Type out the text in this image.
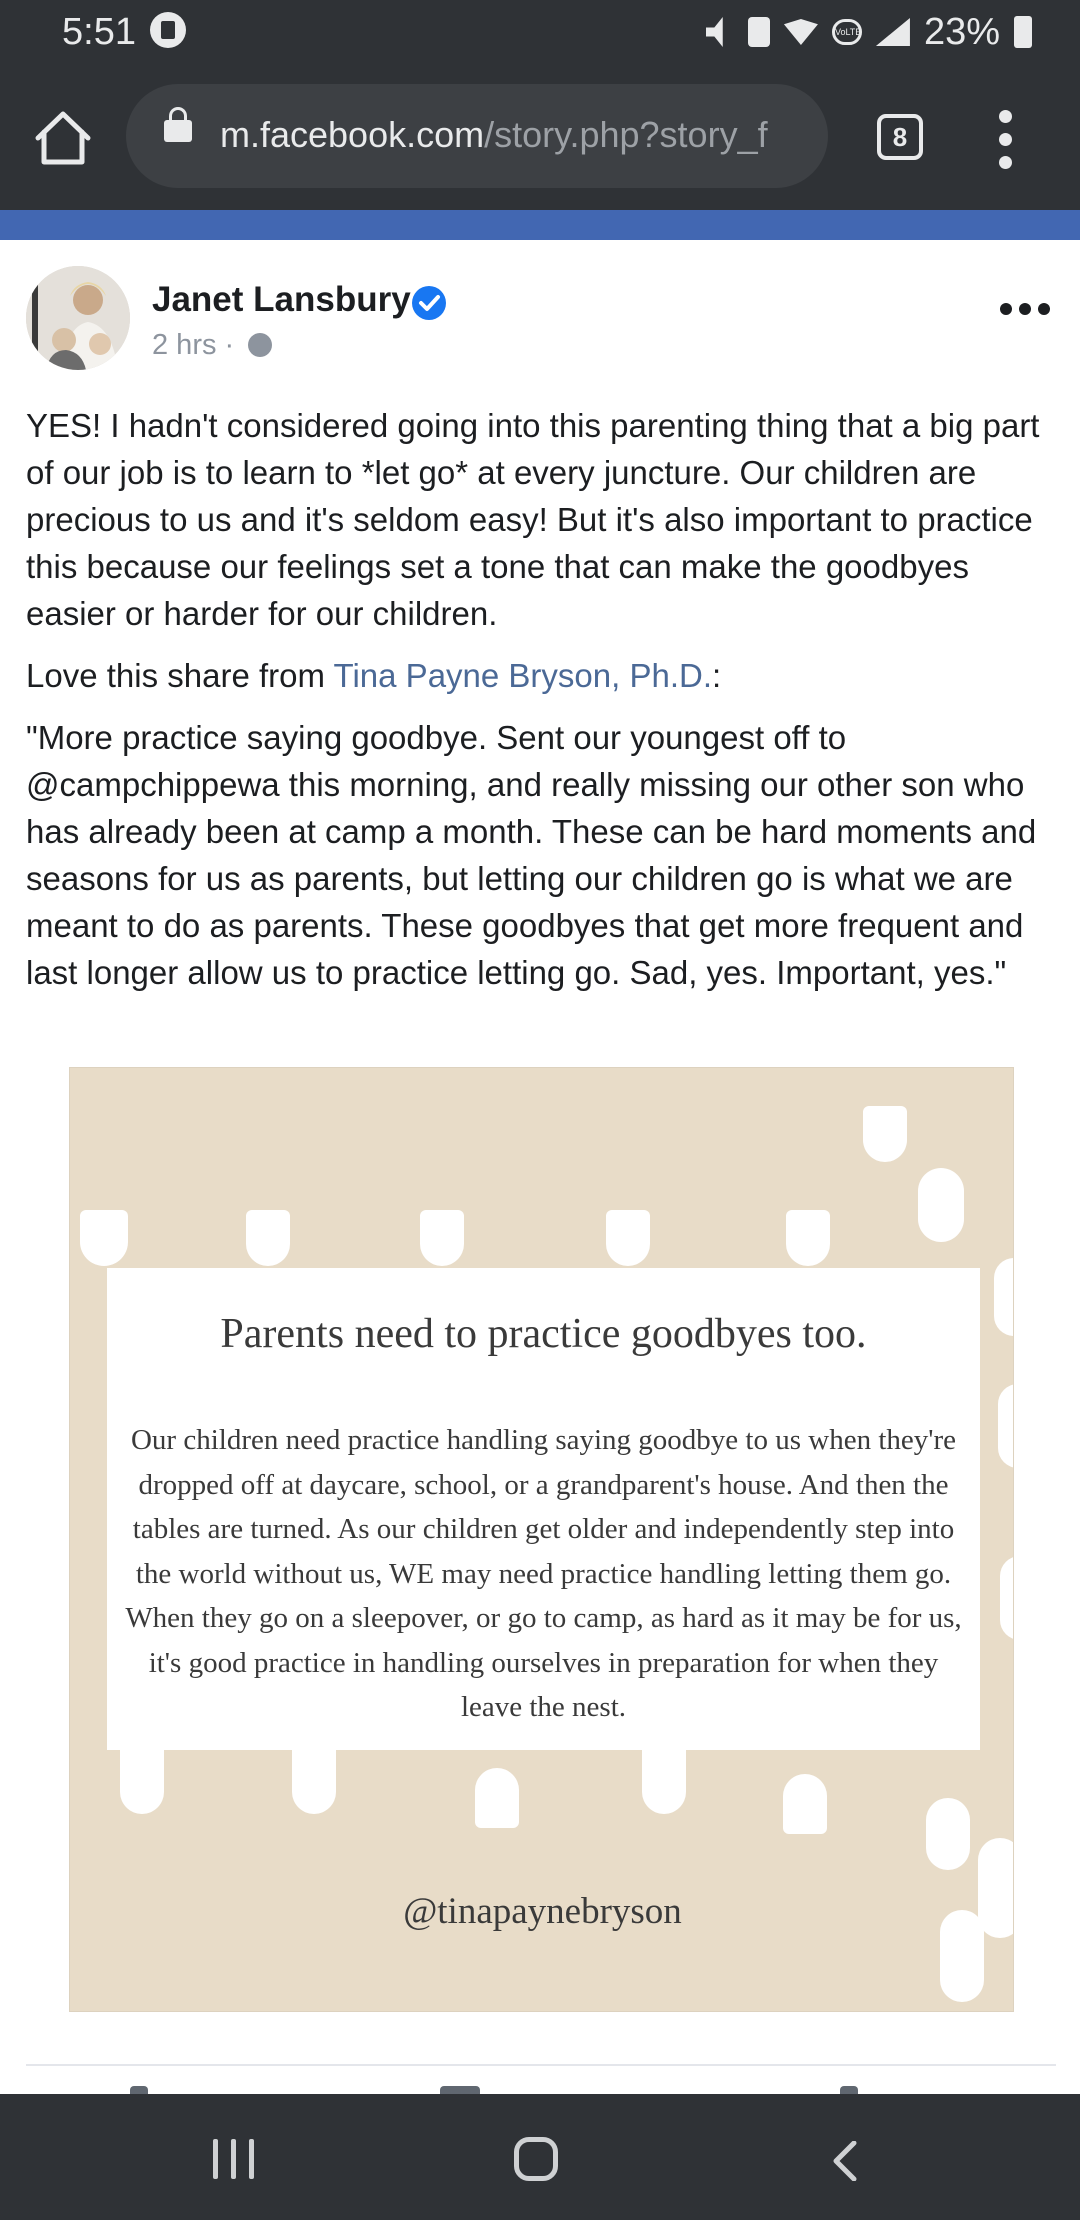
5:51	VoLTE 23%
m.facebook.com/story.php?story_f	8
Janet Lansbury
2 hrs ·

YES! I hadn't considered going into this parenting thing that a big part of our job is to learn to *let go* at every juncture. Our children are precious to us and it's seldom easy! But it's also important to practice this because our feelings set a tone that can make the goodbyes easier or harder for our children.

Love this share from Tina Payne Bryson, Ph.D.:

"More practice saying goodbye. Sent our youngest off to @campchippewa this morning, and really missing our other son who has already been at camp a month. These can be hard moments and seasons for us as parents, but letting our children go is what we are meant to do as parents. These goodbyes that get more frequent and last longer allow us to practice letting go. Sad, yes. Important, yes."

Parents need to practice goodbyes too.
Our children need practice handling saying goodbye to us when they're dropped off at daycare, school, or a grandparent's house. And then the tables are turned. As our children get older and independently step into the world without us, WE may need practice handling letting them go. When they go on a sleepover, or go to camp, as hard as it may be for us, it's good practice in handling ourselves in preparation for when they leave the nest.
@tinapaynebryson
